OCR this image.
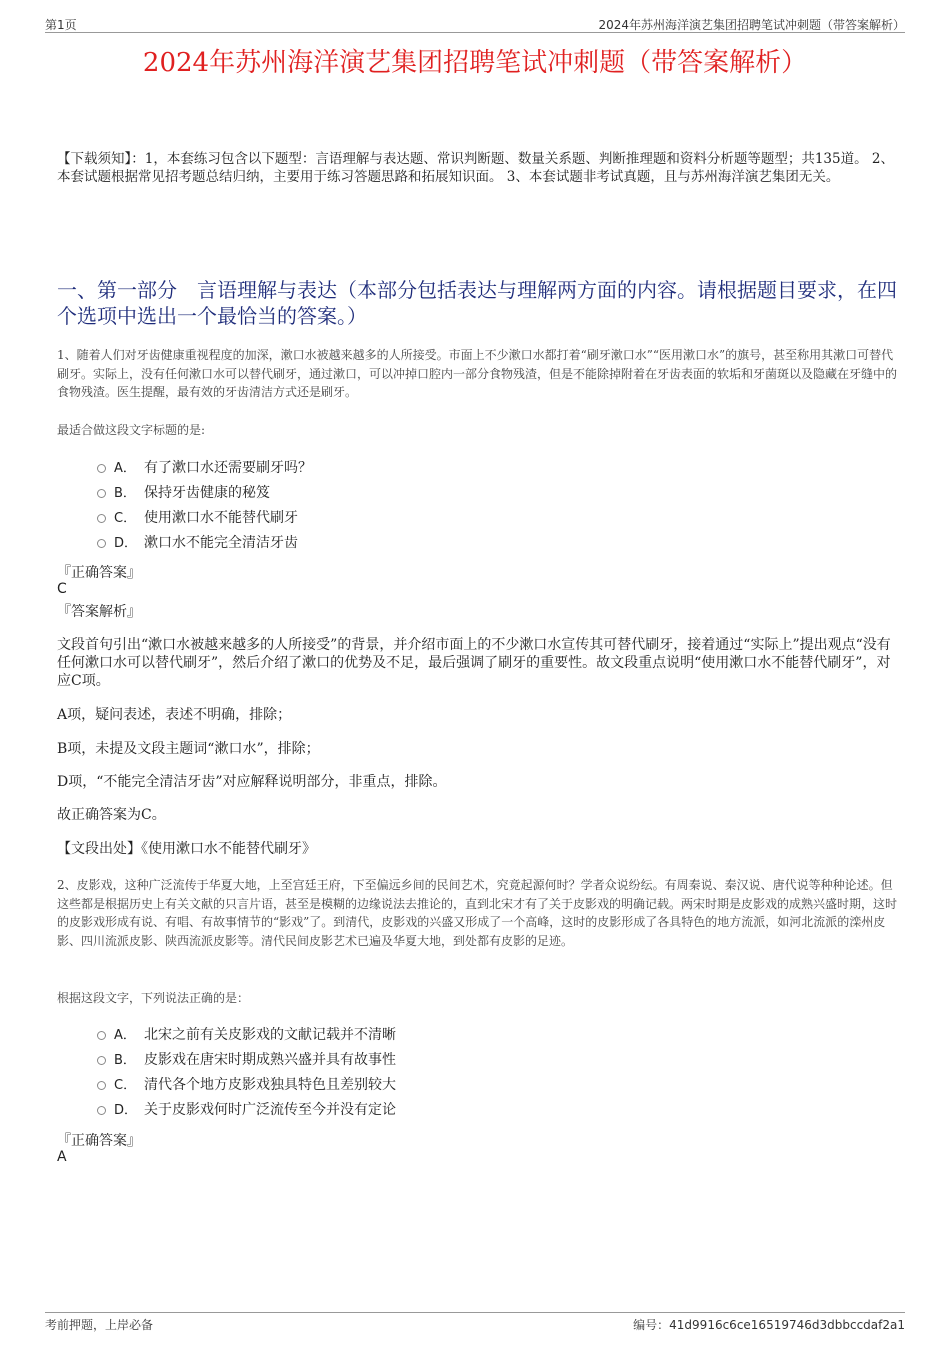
第1页	2024年苏州海洋演艺集团招聘笔试冲刺题（带答案解析）
2024年苏州海洋演艺集团招聘笔试冲刺题（带答案解析）
【下载须知】：1，本套练习包含以下题型：言语理解与表达题、常识判断题、数量关系题、判断推理题和资料分析题等题型；共135道。 2、本套试题根据常见招考题总结归纳，主要用于练习答题思路和拓展知识面。 3、本套试题非考试真题，且与苏州海洋演艺集团无关。
一、第一部分　言语理解与表达（本部分包括表达与理解两方面的内容。请根据题目要求，在四个选项中选出一个最恰当的答案。）
1、随着人们对牙齿健康重视程度的加深，漱口水被越来越多的人所接受。市面上不少漱口水都打着“刷牙漱口水”“医用漱口水”的旗号，甚至称用其漱口可替代刷牙。实际上，没有任何漱口水可以替代刷牙，通过漱口，可以冲掉口腔内一部分食物残渣，但是不能除掉附着在牙齿表面的软垢和牙菌斑以及隐藏在牙缝中的食物残渣。医生提醒，最有效的牙齿清洁方式还是刷牙。
最适合做这段文字标题的是:
A． 有了漱口水还需要刷牙吗？
B． 保持牙齿健康的秘笈
C． 使用漱口水不能替代刷牙
D． 漱口水不能完全清洁牙齿
『正确答案』
C
『答案解析』
文段首句引出“漱口水被越来越多的人所接受”的背景，并介绍市面上的不少漱口水宣传其可替代刷牙，接着通过“实际上”提出观点“没有任何漱口水可以替代刷牙”，然后介绍了漱口的优势及不足，最后强调了刷牙的重要性。故文段重点说明“使用漱口水不能替代刷牙”，对应C项。
A项，疑问表述，表述不明确，排除；
B项，未提及文段主题词“漱口水”，排除；
D项，“不能完全清洁牙齿”对应解释说明部分，非重点，排除。
故正确答案为C。
【文段出处】《使用漱口水不能替代刷牙》
2、皮影戏，这种广泛流传于华夏大地，上至宫廷王府，下至偏远乡间的民间艺术，究竟起源何时？学者众说纷纭。有周秦说、秦汉说、唐代说等种种论述。但这些都是根据历史上有关文献的只言片语，甚至是模糊的边缘说法去推论的，直到北宋才有了关于皮影戏的明确记载。两宋时期是皮影戏的成熟兴盛时期，这时的皮影戏形成有说、有唱、有故事情节的“影戏”了。到清代，皮影戏的兴盛又形成了一个高峰，这时的皮影形成了各具特色的地方流派，如河北流派的滦州皮影、四川流派皮影、陕西流派皮影等。清代民间皮影艺术已遍及华夏大地，到处都有皮影的足迹。
根据这段文字，下列说法正确的是：
A． 北宋之前有关皮影戏的文献记载并不清晰
B． 皮影戏在唐宋时期成熟兴盛并具有故事性
C． 清代各个地方皮影戏独具特色且差别较大
D． 关于皮影戏何时广泛流传至今并没有定论
『正确答案』
A
考前押题，上岸必备	编号：41d9916c6ce16519746d3dbbccdaf2a1
